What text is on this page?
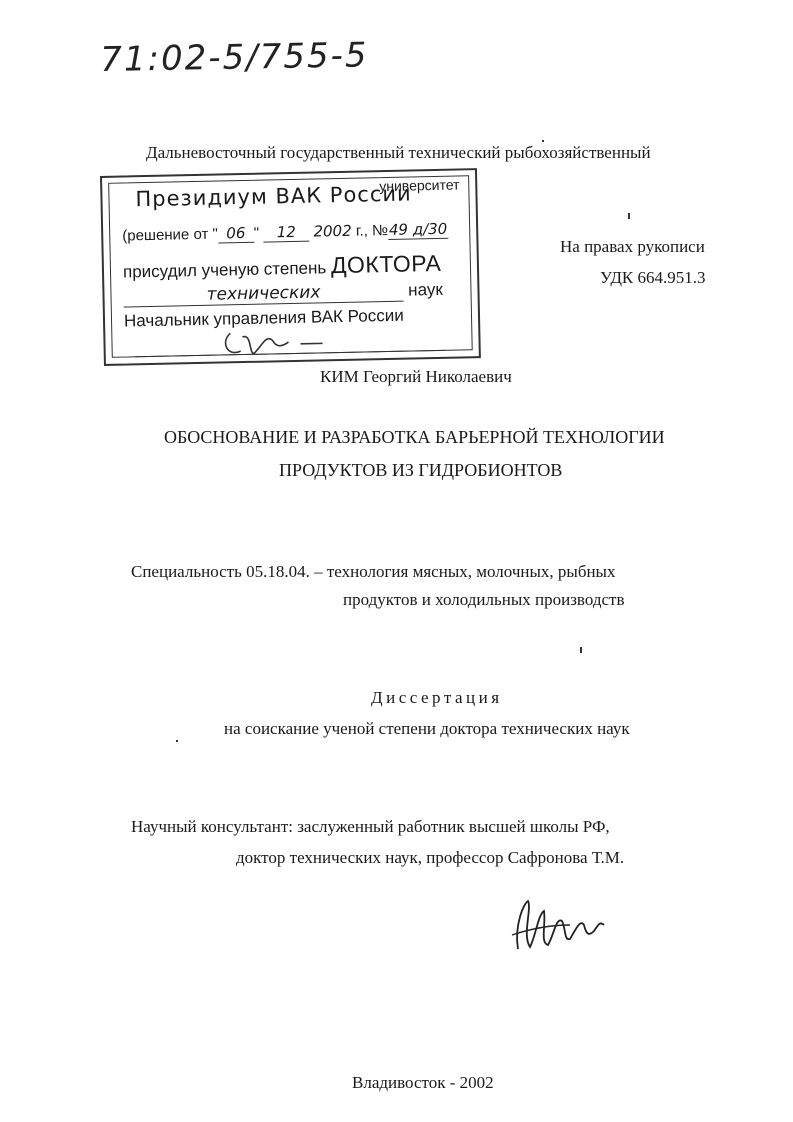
71:02-5/755-5
Дальневосточный государственный технический рыбохозяйственный
Президиум ВАК России
университет
(решение от " 06 " 12 2002 г., №49 д/30
присудил ученую степень ДОКТОРА
технических	наук
Начальник управления ВАК России
На правах рукописи
УДК 664.951.3
КИМ Георгий Николаевич
ОБОСНОВАНИЕ И РАЗРАБОТКА БАРЬЕРНОЙ ТЕХНОЛОГИИ
ПРОДУКТОВ ИЗ ГИДРОБИОНТОВ
Специальность 05.18.04. – технология мясных, молочных, рыбных
продуктов и холодильных производств
Диссертация
на соискание ученой степени доктора технических наук
Научный консультант: заслуженный работник высшей школы РФ,
доктор технических наук, профессор Сафронова Т.М.
Владивосток - 2002
